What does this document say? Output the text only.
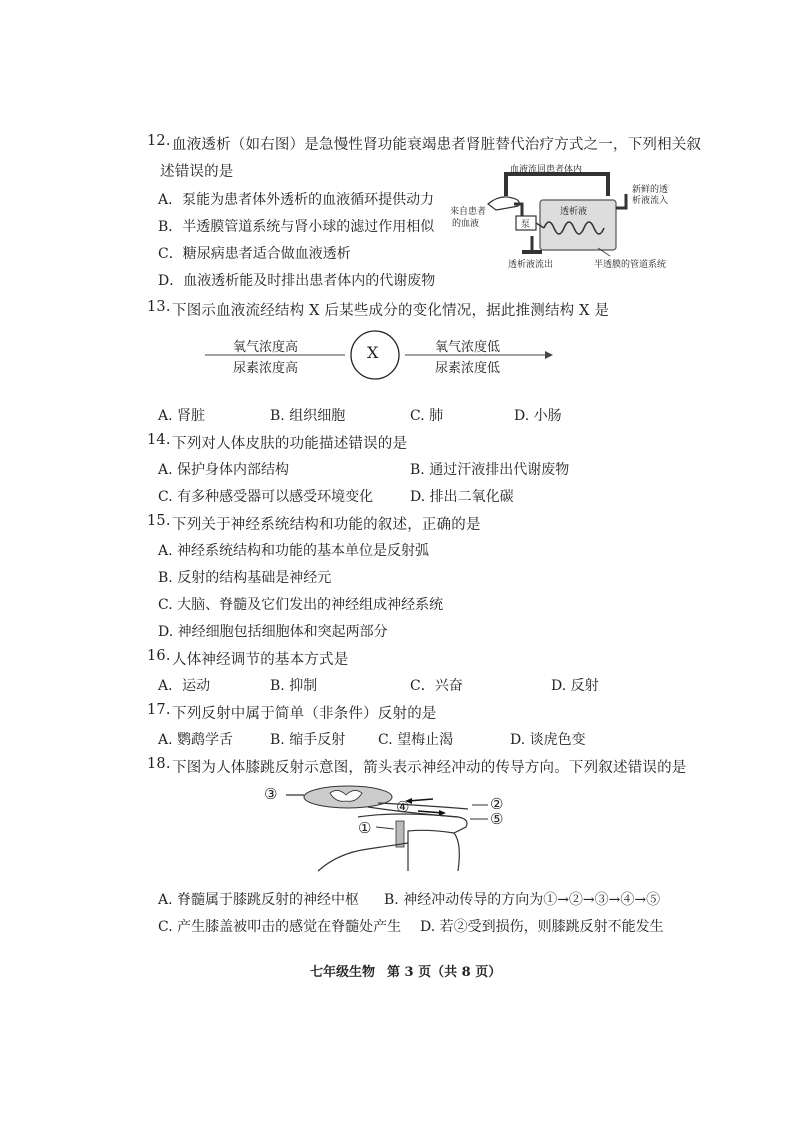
12. 血液透析（如右图）是急慢性肾功能衰竭患者肾脏替代治疗方式之一，下列相关叙
述错误的是
A．泵能为患者体外透析的血液循环提供动力
B．半透膜管道系统与肾小球的滤过作用相似
C．糖尿病患者适合做血液透析
D．血液透析能及时排出患者体内的代谢废物
血液流回患者体内
新鲜的透
析液流入
来自患者
的血液	泵
透析液
透析液流出	半透膜的管道系统
13. 下图示血液流经结构 X 后某些成分的变化情况，据此推测结构 X 是
氧气浓度高
尿素浓度高
X	氧气浓度低
尿素浓度低
A. 肾脏	B. 组织细胞	C. 肺	D. 小肠
14. 下列对人体皮肤的功能描述错误的是
A. 保护身体内部结构	B. 通过汗液排出代谢废物
C. 有多种感受器可以感受环境变化	D. 排出二氧化碳
15. 下列关于神经系统结构和功能的叙述，正确的是
A. 神经系统结构和功能的基本单位是反射弧
B. 反射的结构基础是神经元
C. 大脑、脊髓及它们发出的神经组成神经系统
D. 神经细胞包括细胞体和突起两部分
16. 人体神经调节的基本方式是
A．运动	B. 抑制	C．兴奋	D. 反射
17. 下列反射中属于简单（非条件）反射的是
A. 鹦鹉学舌	B. 缩手反射 C. 望梅止渴	D. 谈虎色变
18. 下图为人体膝跳反射示意图，箭头表示神经冲动的传导方向。下列叙述错误的是
③
④	②
⑤
①
A. 脊髓属于膝跳反射的神经中枢 B. 神经冲动传导的方向为①→②→③→④→⑤
C. 产生膝盖被叩击的感觉在脊髓处产生 D. 若②受到损伤，则膝跳反射不能发生
七年级生物 第 3 页（共 8 页）
